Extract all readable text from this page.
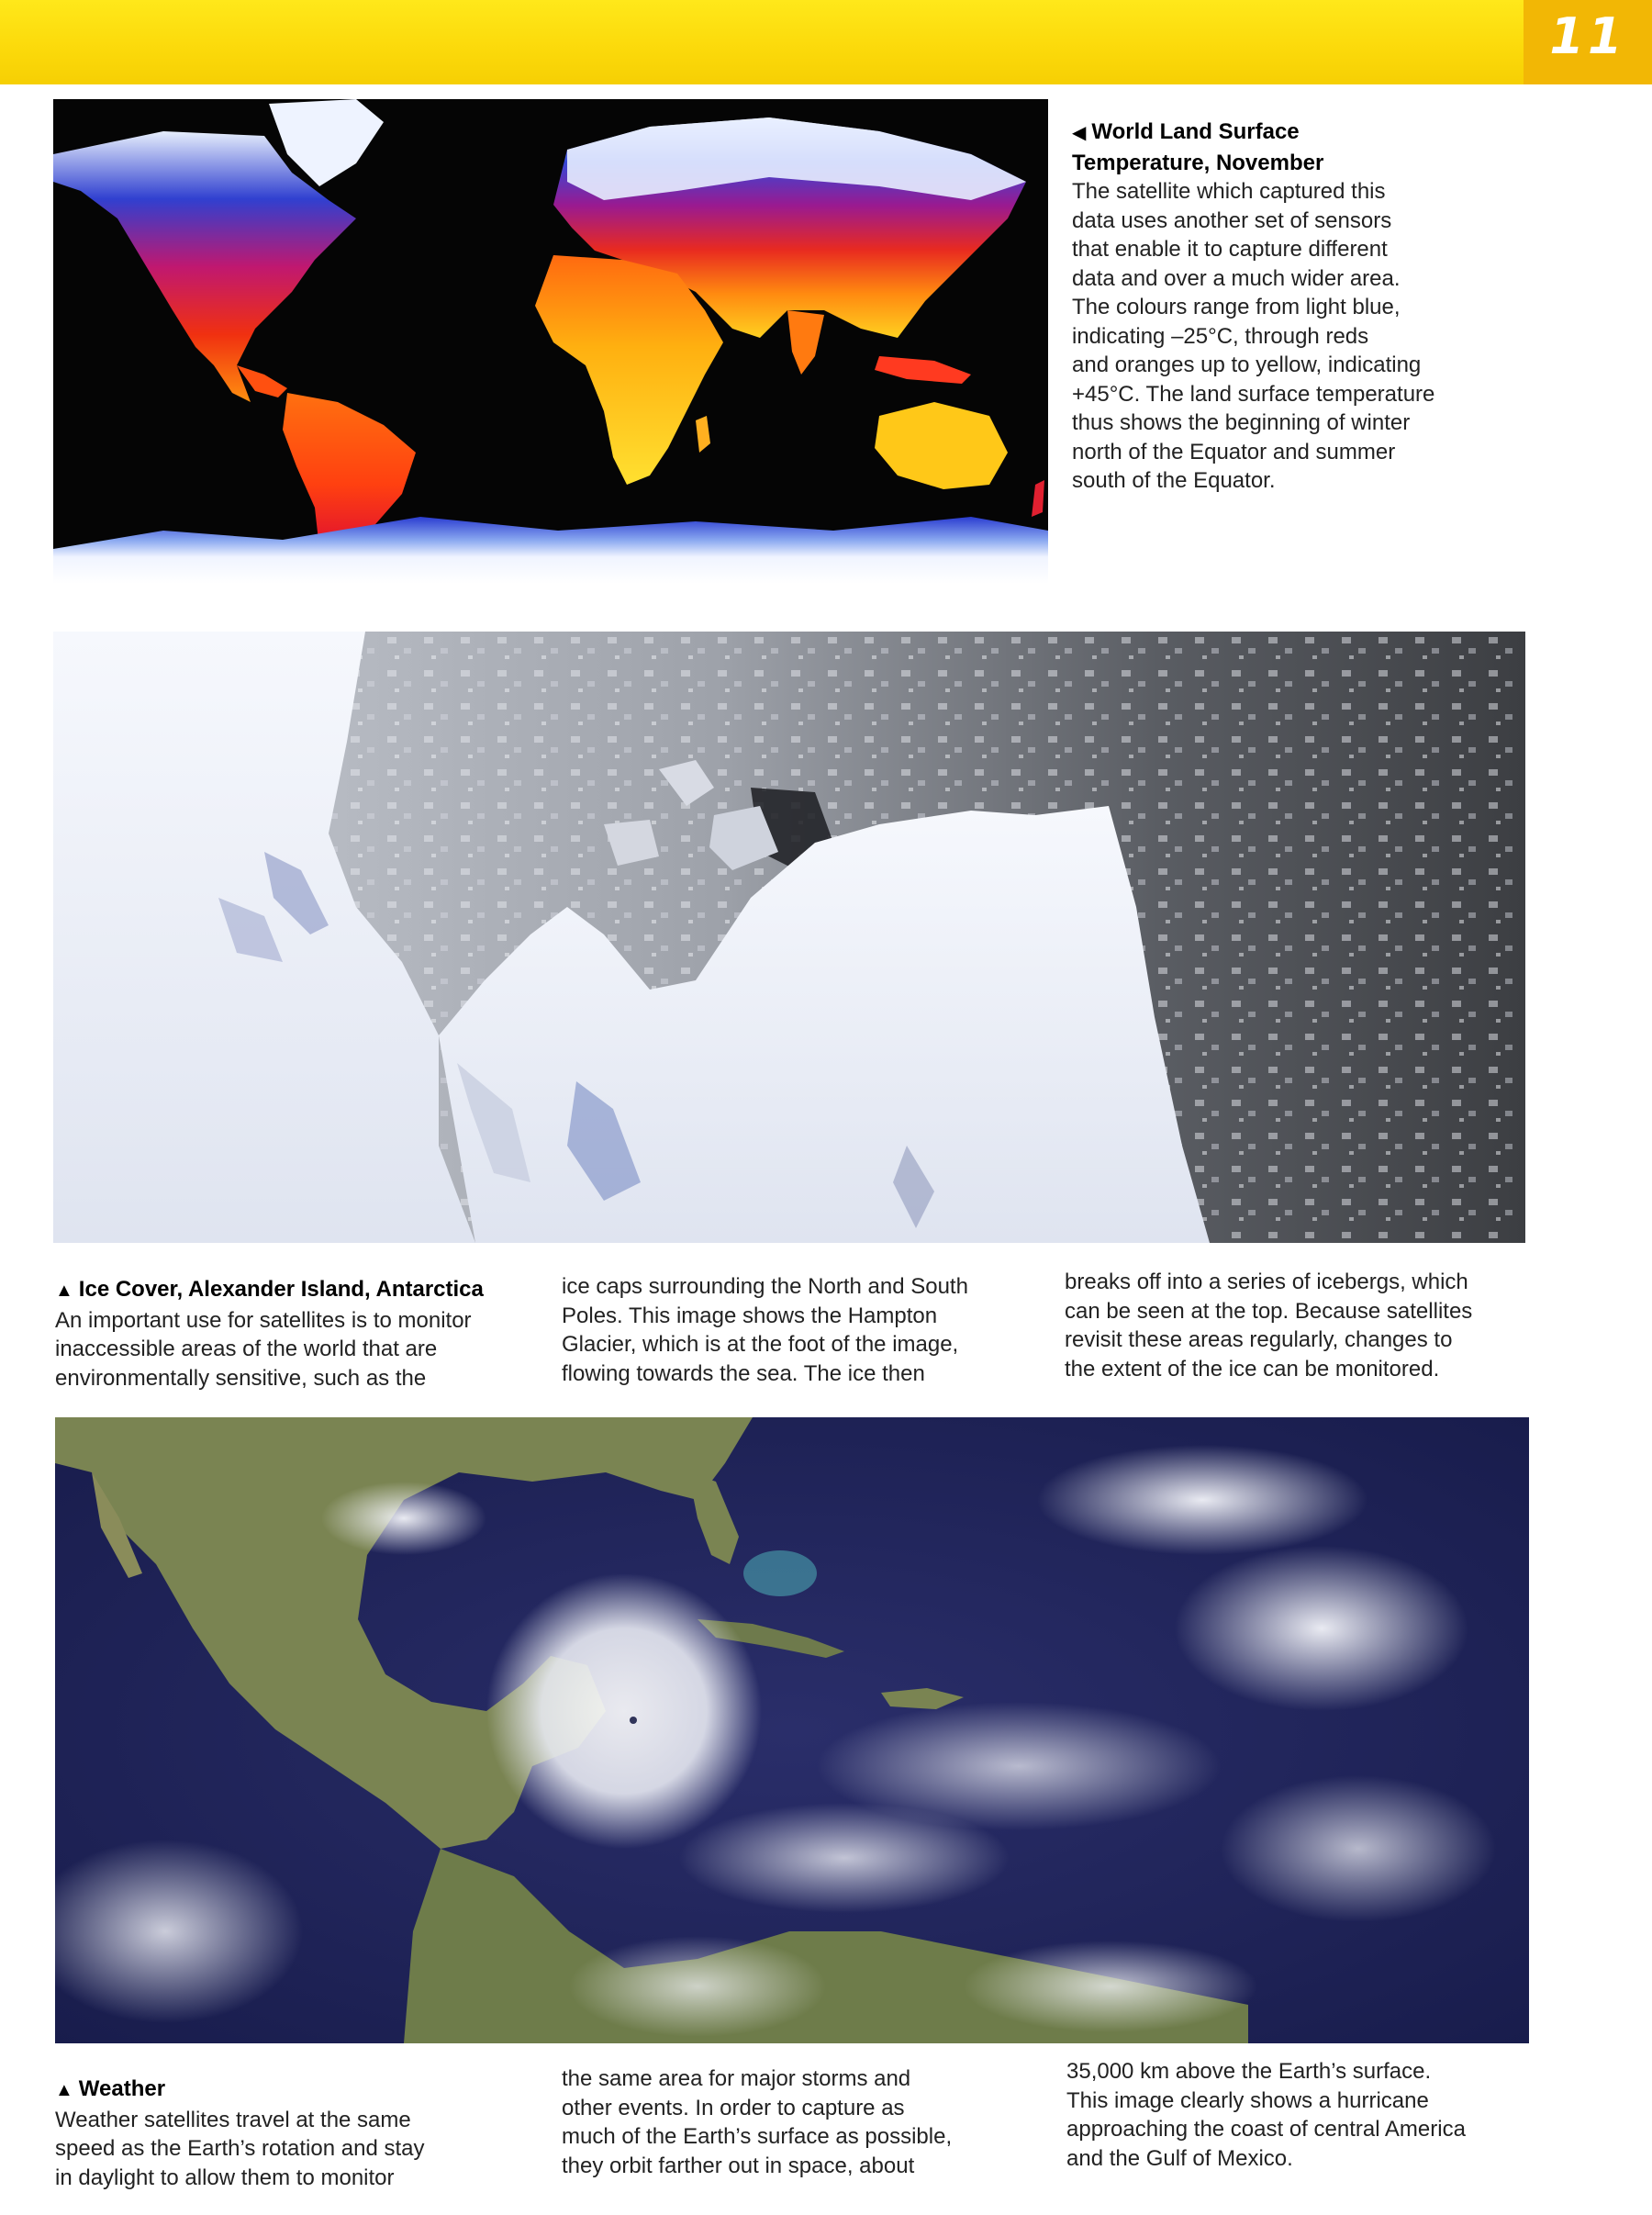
11
◀ World Land Surface
Temperature, November
The satellite which captured this
data uses another set of sensors
that enable it to capture different
data and over a much wider area.
The colours range from light blue,
indicating –25°C, through reds
and oranges up to yellow, indicating
+45°C. The land surface temperature
thus shows the beginning of winter
north of the Equator and summer
south of the Equator.
▲ Ice Cover, Alexander Island, Antarctica
An important use for satellites is to monitor
inaccessible areas of the world that are
environmentally sensitive, such as the
ice caps surrounding the North and South
Poles. This image shows the Hampton
Glacier, which is at the foot of the image,
flowing towards the sea. The ice then
breaks off into a series of icebergs, which
can be seen at the top. Because satellites
revisit these areas regularly, changes to
the extent of the ice can be monitored.
▲ Weather
Weather satellites travel at the same
speed as the Earth’s rotation and stay
in daylight to allow them to monitor
the same area for major storms and
other events. In order to capture as
much of the Earth’s surface as possible,
they orbit farther out in space, about
35,000 km above the Earth’s surface.
This image clearly shows a hurricane
approaching the coast of central America
and the Gulf of Mexico.
